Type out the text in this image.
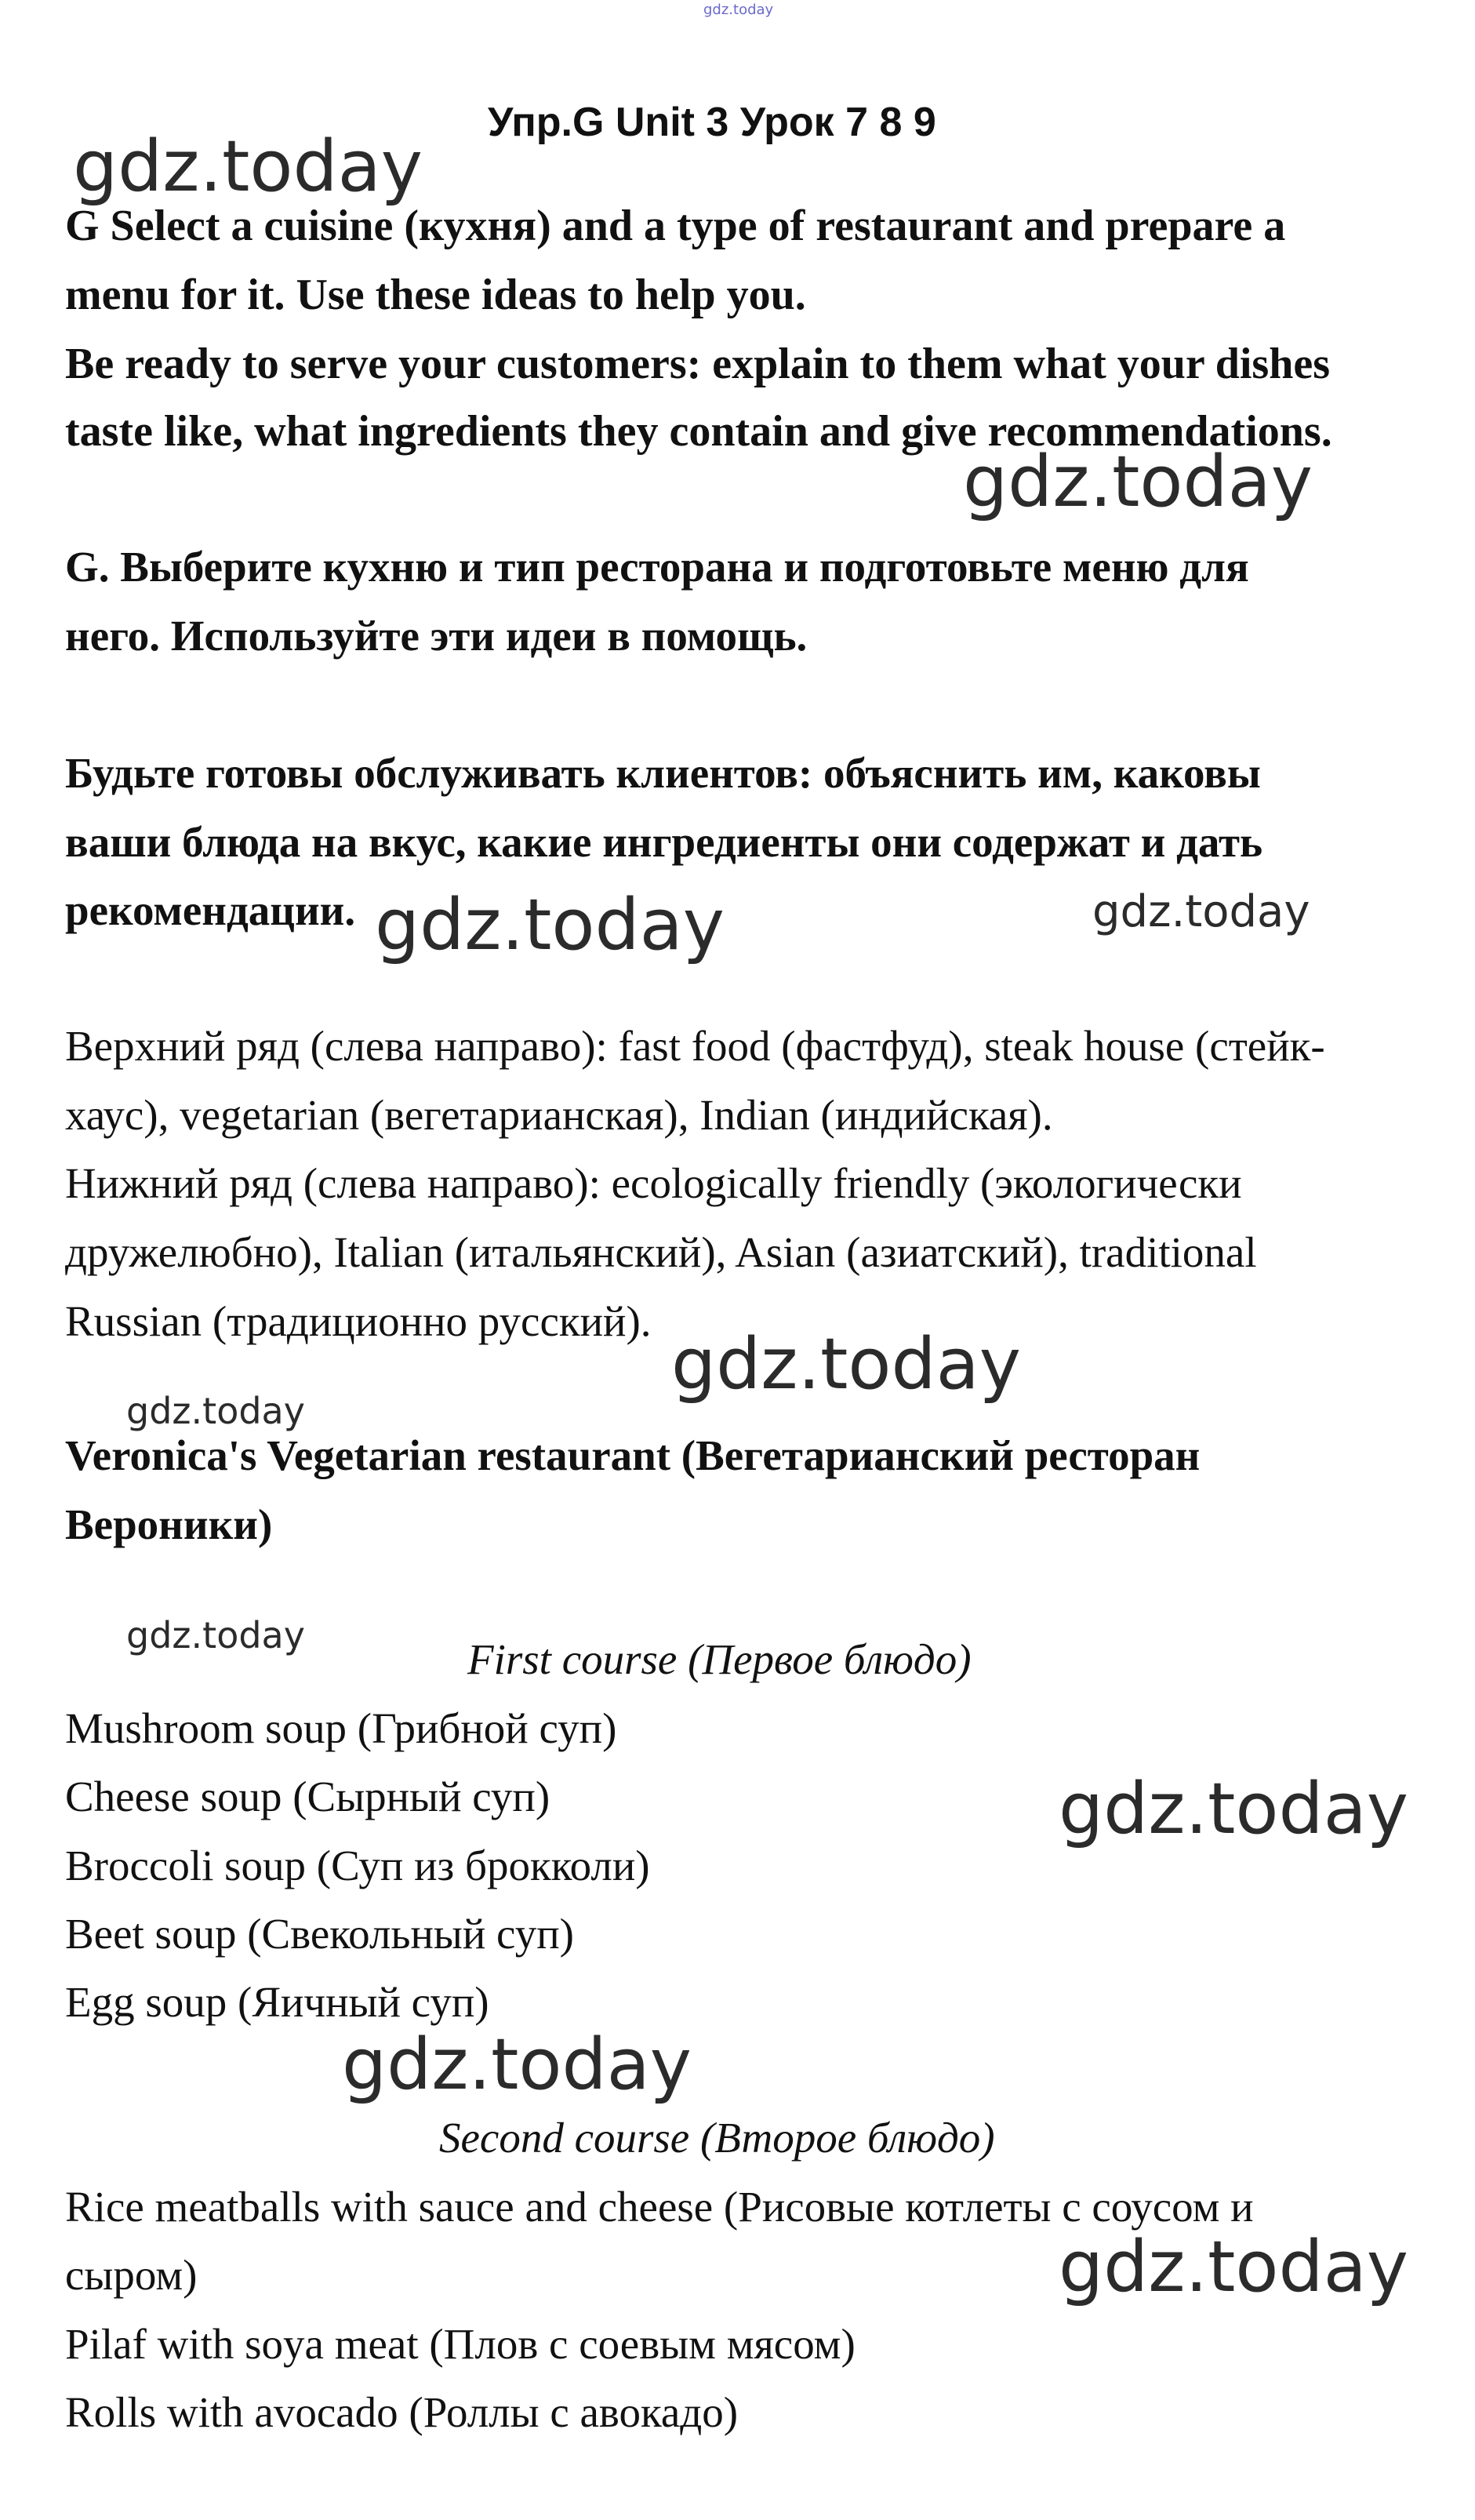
gdz.today
Упр.G Unit 3 Урок 7 8 9
G Select a cuisine (кухня) and a type of restaurant and prepare a
menu for it. Use these ideas to help you.
Be ready to serve your customers: explain to them what your dishes
taste like, what ingredients they contain and give recommendations.
G. Выберите кухню и тип ресторана и подготовьте меню для
него. Используйте эти идеи в помощь.
Будьте готовы обслуживать клиентов: объяснить им, каковы
ваши блюда на вкус, какие ингредиенты они содержат и дать
рекомендации.
Верхний ряд (слева направо): fast food (фастфуд), steak house (стейк-
хаус), vegetarian (вегетарианская), Indian (индийская).
Нижний ряд (слева направо): ecologically friendly (экологически
дружелюбно), Italian (итальянский), Asian (азиатский), traditional
Russian (традиционно русский).
Veronica's Vegetarian restaurant (Вегетарианский ресторан
Вероники)
First course (Первое блюдо)
Mushroom soup (Грибной суп)
Cheese soup (Сырный суп)
Broccoli soup (Суп из брокколи)
Beet soup (Свекольный суп)
Egg soup (Яичный суп)
Second course (Второе блюдо)
Rice meatballs with sauce and cheese (Рисовые котлеты с соусом и
сыром)
Pilaf with soya meat (Плов с соевым мясом)
Rolls with avocado (Роллы с авокадо)
gdz.today
gdz.today
gdz.today	gdz.today
gdz.today
gdz.today
gdz.today
gdz.today
gdz.today
gdz.today
